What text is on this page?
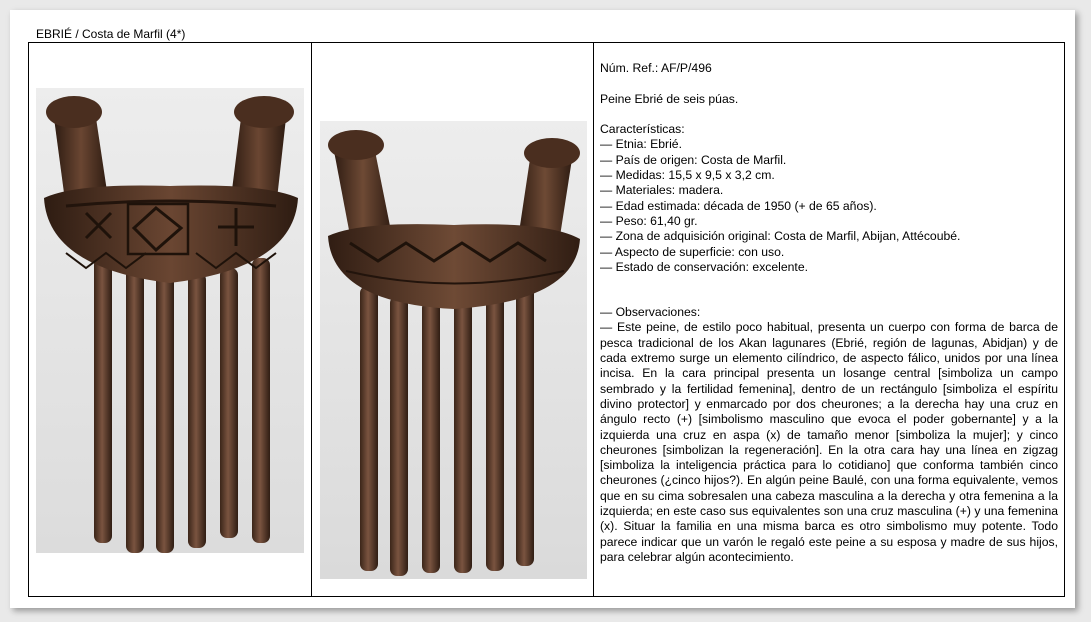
EBRIÉ / Costa de Marfil (4*)

Núm. Ref.: AF/P/496

Peine Ebrié de seis púas.

Características:

— Etnia: Ebrié.

— País de origen: Costa de Marfil.

— Medidas: 15,5 x 9,5 x 3,2 cm.

— Materiales: madera.

— Edad estimada: década de 1950 (+ de 65 años).

— Peso: 61,40 gr.

— Zona de adquisición original: Costa de Marfil, Abijan, Attécoubé.

— Aspecto de superficie: con uso.

— Estado de conservación: excelente.

— Observaciones:

— Este peine, de estilo poco habitual, presenta un cuerpo con forma de barca de pesca tradicional de los Akan lagunares (Ebrié, región de lagunas, Abidjan) y de cada extremo surge un elemento cilíndrico, de aspecto fálico, unidos por una línea incisa. En la cara principal presenta un losange central [simboliza un campo sembrado y la fertilidad femenina], dentro de un rectángulo [simboliza el espíritu divino protector] y enmarcado por dos cheurones; a la derecha hay una cruz en ángulo recto (+) [simbolismo masculino que evoca el poder gobernante] y a la izquierda una cruz en aspa (x) de tamaño menor [simboliza la mujer]; y cinco cheurones [simbolizan la regeneración]. En la otra cara hay una línea en zigzag [simboliza la inteligencia práctica para lo cotidiano] que conforma también cinco cheurones (¿cinco hijos?). En algún peine Baulé, con una forma equivalente, vemos que en su cima sobresalen una cabeza masculina a la derecha y otra femenina a la izquierda; en este caso sus equivalentes son una cruz masculina (+) y una femenina (x). Situar la familia en una misma barca es otro simbolismo muy potente. Todo parece indicar que un varón le regaló este peine a su esposa y madre de sus hijos, para celebrar algún acontecimiento.
